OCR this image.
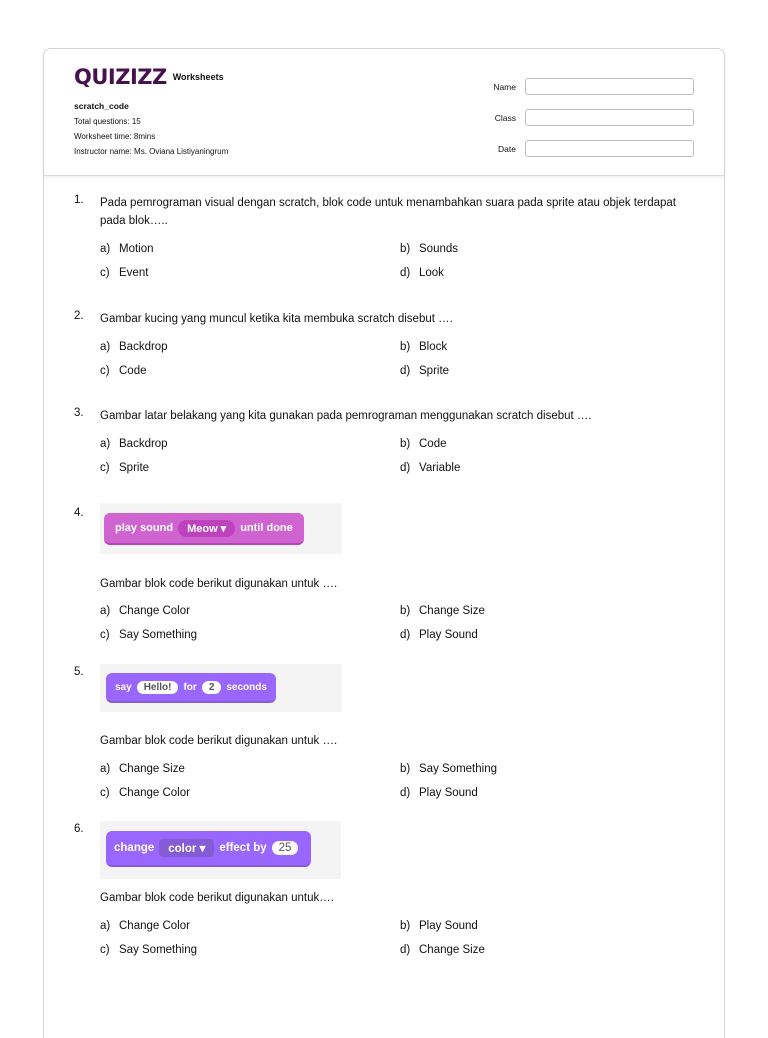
QUIZIZZ Worksheets
scratch_code
Total questions: 15
Worksheet time: 8mins
Instructor name: Ms. Oviana Listiyaningrum
Name
Class
Date
1. Pada pemrograman visual dengan scratch, blok code untuk menambahkan suara pada sprite atau objek terdapat pada blok…..
a) Motion	b) Sounds
c) Event	d) Look
2. Gambar kucing yang muncul ketika kita membuka scratch disebut ….
a) Backdrop	b) Block
c) Code	d) Sprite
3. Gambar latar belakang yang kita gunakan pada pemrograman menggunakan scratch disebut ….
a) Backdrop	b) Code
c) Sprite	d) Variable
4.
play sound	Meow ▾	until done
Gambar blok code berikut digunakan untuk ….
a) Change Color	b) Change Size
c) Say Something	d) Play Sound
5.
say	Hello!	for	2	seconds
Gambar blok code berikut digunakan untuk ….
a) Change Size	b) Say Something
c) Change Color	d) Play Sound
6.
change	color ▾	effect by	25
Gambar blok code berikut digunakan untuk….
a) Change Color	b) Play Sound
c) Say Something	d) Change Size
